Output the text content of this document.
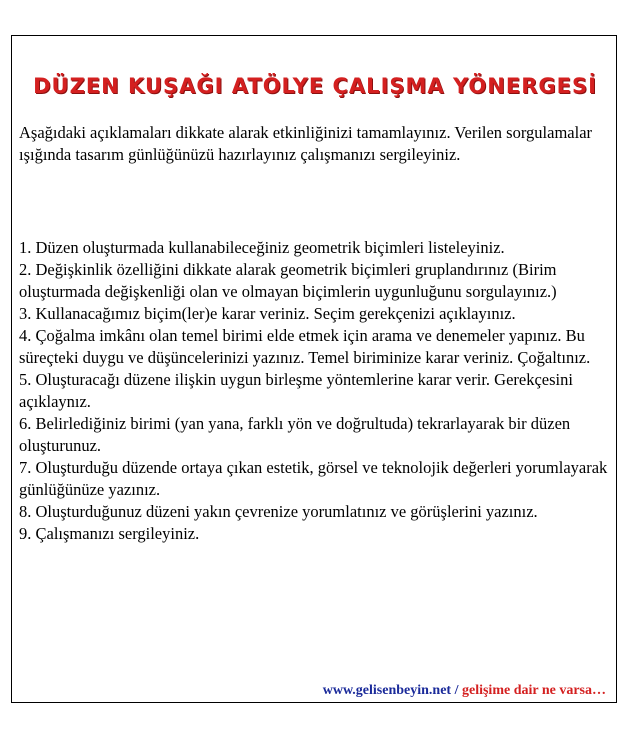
DÜZEN KUŞAĞI ATÖLYE ÇALIŞMA YÖNERGESİ
Aşağıdaki açıklamaları dikkate alarak etkinliğinizi tamamlayınız. Verilen sorgulamalar ışığında tasarım günlüğünüzü hazırlayınız çalışmanızı sergileyiniz.
1. Düzen oluşturmada kullanabileceğiniz geometrik biçimleri listeleyiniz.
2. Değişkinlik özelliğini dikkate alarak geometrik biçimleri gruplandırınız (Birim oluşturmada değişkenliği olan ve olmayan biçimlerin uygunluğunu sorgulayınız.)
3. Kullanacağımız biçim(ler)e karar veriniz. Seçim gerekçenizi açıklayınız.
4. Çoğalma imkânı olan temel birimi elde etmek için arama ve denemeler yapınız. Bu süreçteki duygu ve düşüncelerinizi yazınız. Temel biriminize karar veriniz. Çoğaltınız.
5. Oluşturacağı düzene ilişkin uygun birleşme yöntemlerine karar verir. Gerekçesini açıklaynız.
6. Belirlediğiniz birimi (yan yana, farklı yön ve doğrultuda) tekrarlayarak bir düzen oluşturunuz.
7. Oluşturduğu düzende ortaya çıkan estetik, görsel ve teknolojik değerleri yorumlayarak günlüğünüze yazınız.
8. Oluşturduğunuz düzeni yakın çevrenize yorumlatınız ve görüşlerini yazınız.
9. Çalışmanızı sergileyiniz.
www.gelisenbeyin.net / gelişime dair ne varsa…
